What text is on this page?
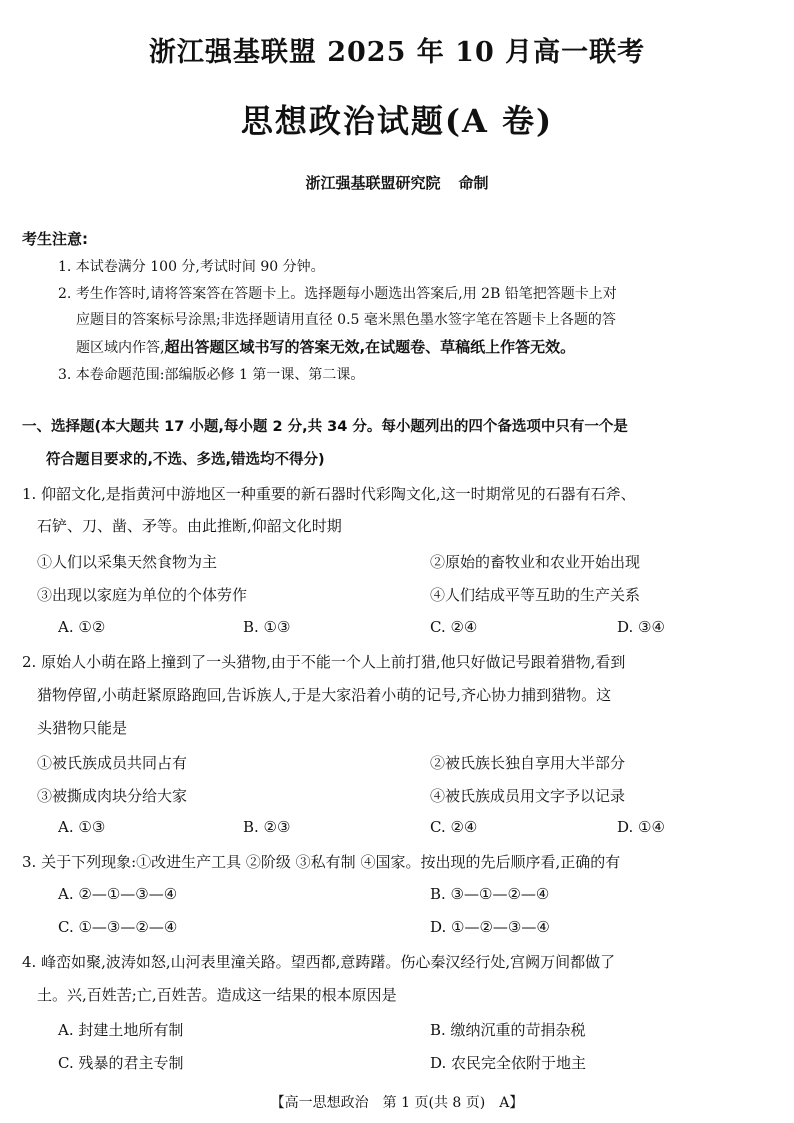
浙江强基联盟 2025 年 10 月高一联考
思想政治试题(A 卷)
浙江强基联盟研究院 命制
考生注意:
1. 本试卷满分 100 分,考试时间 90 分钟。
2. 考生作答时,请将答案答在答题卡上。选择题每小题选出答案后,用 2B 铅笔把答题卡上对
应题目的答案标号涂黑;非选择题请用直径 0.5 毫米黑色墨水签字笔在答题卡上各题的答
题区域内作答,超出答题区域书写的答案无效,在试题卷、草稿纸上作答无效。
3. 本卷命题范围:部编版必修 1 第一课、第二课。
一、选择题(本大题共 17 小题,每小题 2 分,共 34 分。每小题列出的四个备选项中只有一个是
符合题目要求的,不选、多选,错选均不得分)
1. 仰韶文化,是指黄河中游地区一种重要的新石器时代彩陶文化,这一时期常见的石器有石斧、
石铲、刀、凿、矛等。由此推断,仰韶文化时期
①人们以采集天然食物为主	②原始的畜牧业和农业开始出现
③出现以家庭为单位的个体劳作	④人们结成平等互助的生产关系
A. ①②	B. ①③	C. ②④	D. ③④
2. 原始人小萌在路上撞到了一头猎物,由于不能一个人上前打猎,他只好做记号跟着猎物,看到
猎物停留,小萌赶紧原路跑回,告诉族人,于是大家沿着小萌的记号,齐心协力捕到猎物。这
头猎物只能是
①被氏族成员共同占有	②被氏族长独自享用大半部分
③被撕成肉块分给大家	④被氏族成员用文字予以记录
A. ①③	B. ②③	C. ②④	D. ①④
3. 关于下列现象:①改进生产工具 ②阶级 ③私有制 ④国家。按出现的先后顺序看,正确的有
A. ②—①—③—④	B. ③—①—②—④
C. ①—③—②—④	D. ①—②—③—④
4. 峰峦如聚,波涛如怒,山河表里潼关路。望西都,意踌躇。伤心秦汉经行处,宫阙万间都做了
土。兴,百姓苦;亡,百姓苦。造成这一结果的根本原因是
A. 封建土地所有制	B. 缴纳沉重的苛捐杂税
C. 残暴的君主专制	D. 农民完全依附于地主
【高一思想政治　第 1 页(共 8 页)　A】
